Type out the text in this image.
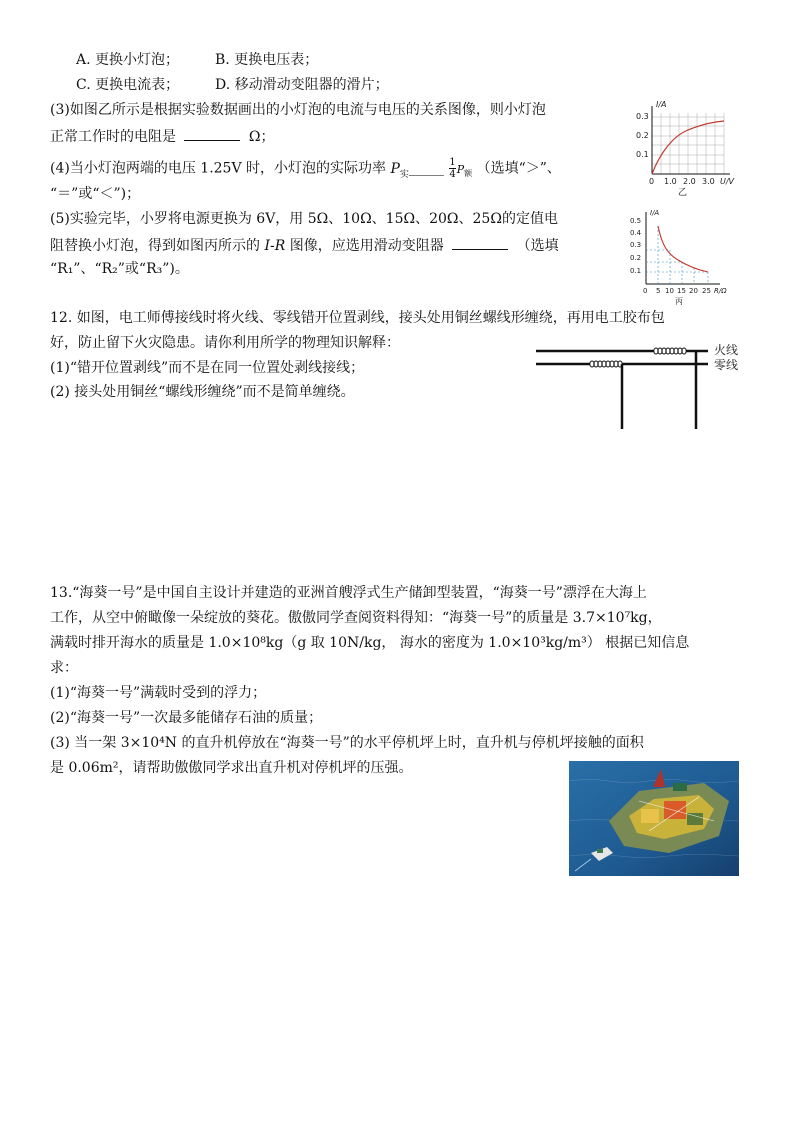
A. 更换小灯泡；	B. 更换电压表；
C. 更换电流表；	D. 移动滑动变阻器的滑片；
(3)如图乙所示是根据实验数据画出的小灯泡的电流与电压的关系图像，则小灯泡
正常工作时的电阻是	Ω；
(4)当小灯泡两端的电压 1.25V 时，小灯泡的实际功率 $P_实\_\_\_\_\_ \frac{1}{4} P_额$ （选填“＞”、
“＝”或“＜”)；
(5)实验完毕，小罗将电源更换为 6V，用 5Ω、10Ω、15Ω、20Ω、25Ω的定值电
阻替换小灯泡，得到如图丙所示的 I-R 图像，应选用滑动变阻器	（选填
“R₁”、“R₂”或“R₃”)。
I/A
0.3
0.2
0.1
0 1.0 2.0 3.0 U/V
乙
I/A
0.5
0.4
0.3
0.2
0.1
0 5 10 15 20 25 R/Ω
丙
12. 如图，电工师傅接线时将火线、零线错开位置剥线，接头处用铜丝螺线形缠绕，再用电工胶布包
好，防止留下火灾隐患。请你利用所学的物理知识解释：
(1)“错开位置剥线”而不是在同一位置处剥线接线；
(2) 接头处用铜丝“螺线形缠绕”而不是简单缠绕。
火线
零线
13.“海葵一号”是中国自主设计并建造的亚洲首艘浮式生产储卸型装置，“海葵一号”漂浮在大海上
工作，从空中俯瞰像一朵绽放的葵花。傲傲同学查阅资料得知：“海葵一号”的质量是 3.7×10⁷kg，
满载时排开海水的质量是 1.0×10⁸kg（g 取 10N/kg， 海水的密度为 1.0×10³kg/m³） 根据已知信息
求：
(1)“海葵一号”满载时受到的浮力；
(2)“海葵一号”一次最多能储存石油的质量；
(3) 当一架 3×10⁴N 的直升机停放在“海葵一号”的水平停机坪上时，直升机与停机坪接触的面积
是 0.06m²，请帮助傲傲同学求出直升机对停机坪的压强。
